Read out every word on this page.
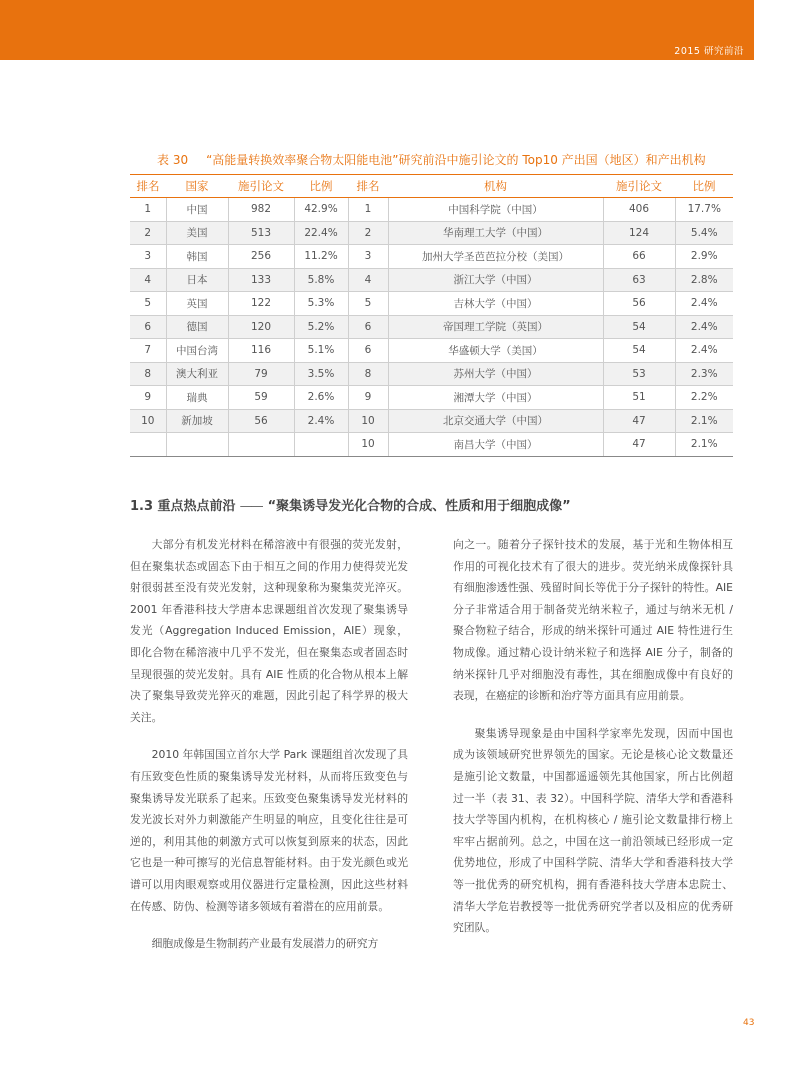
2015 研究前沿
表 30 “高能量转换效率聚合物太阳能电池”研究前沿中施引论文的 Top10 产出国（地区）和产出机构
排名	国家	施引论文	比例	排名	机构	施引论文	比例
1	中国	982	42.9%	1	中国科学院（中国）	406	17.7%
2	美国	513	22.4%	2	华南理工大学（中国）	124	5.4%
3	韩国	256	11.2%	3	加州大学圣芭芭拉分校（美国）	66	2.9%
4	日本	133	5.8%	4	浙江大学（中国）	63	2.8%
5	英国	122	5.3%	5	吉林大学（中国）	56	2.4%
6	德国	120	5.2%	6	帝国理工学院（英国）	54	2.4%
7	中国台湾	116	5.1%	6	华盛顿大学（美国）	54	2.4%
8	澳大利亚	79	3.5%	8	苏州大学（中国）	53	2.3%
9	瑞典	59	2.6%	9	湘潭大学（中国）	51	2.2%
10	新加坡	56	2.4%	10	北京交通大学（中国）	47	2.1%
				10	南昌大学（中国）	47	2.1%
1.3 重点热点前沿 —— “聚集诱导发光化合物的合成、性质和用于细胞成像”

大部分有机发光材料在稀溶液中有很强的荧光发射，但在聚集状态或固态下由于相互之间的作用力使得荧光发射很弱甚至没有荧光发射，这种现象称为聚集荧光淬灭。2001 年香港科技大学唐本忠课题组首次发现了聚集诱导发光（Aggregation Induced Emission，AIE）现象，即化合物在稀溶液中几乎不发光，但在聚集态或者固态时呈现很强的荧光发射。具有 AIE 性质的化合物从根本上解决了聚集导致荧光猝灭的难题，因此引起了科学界的极大关注。

2010 年韩国国立首尔大学 Park 课题组首次发现了具有压致变色性质的聚集诱导发光材料，从而将压致变色与聚集诱导发光联系了起来。压致变色聚集诱导发光材料的发光波长对外力刺激能产生明显的响应，且变化往往是可逆的，利用其他的刺激方式可以恢复到原来的状态，因此它也是一种可擦写的光信息智能材料。由于发光颜色或光谱可以用肉眼观察或用仪器进行定量检测，因此这些材料在传感、防伪、检测等诸多领域有着潜在的应用前景。

细胞成像是生物制药产业最有发展潜力的研究方

向之一。随着分子探针技术的发展，基于光和生物体相互作用的可视化技术有了很大的进步。荧光纳米成像探针具有细胞渗透性强、残留时间长等优于分子探针的特性。AIE 分子非常适合用于制备荧光纳米粒子，通过与纳米无机 / 聚合物粒子结合，形成的纳米探针可通过 AIE 特性进行生物成像。通过精心设计纳米粒子和选择 AIE 分子，制备的纳米探针几乎对细胞没有毒性，其在细胞成像中有良好的表现，在癌症的诊断和治疗等方面具有应用前景。

聚集诱导现象是由中国科学家率先发现，因而中国也成为该领域研究世界领先的国家。无论是核心论文数量还是施引论文数量，中国都遥遥领先其他国家，所占比例超过一半（表 31、表 32）。中国科学院、清华大学和香港科技大学等国内机构，在机构核心 / 施引论文数量排行榜上牢牢占据前列。总之，中国在这一前沿领域已经形成一定优势地位，形成了中国科学院、清华大学和香港科技大学等一批优秀的研究机构，拥有香港科技大学唐本忠院士、清华大学危岩教授等一批优秀研究学者以及相应的优秀研究团队。

43
